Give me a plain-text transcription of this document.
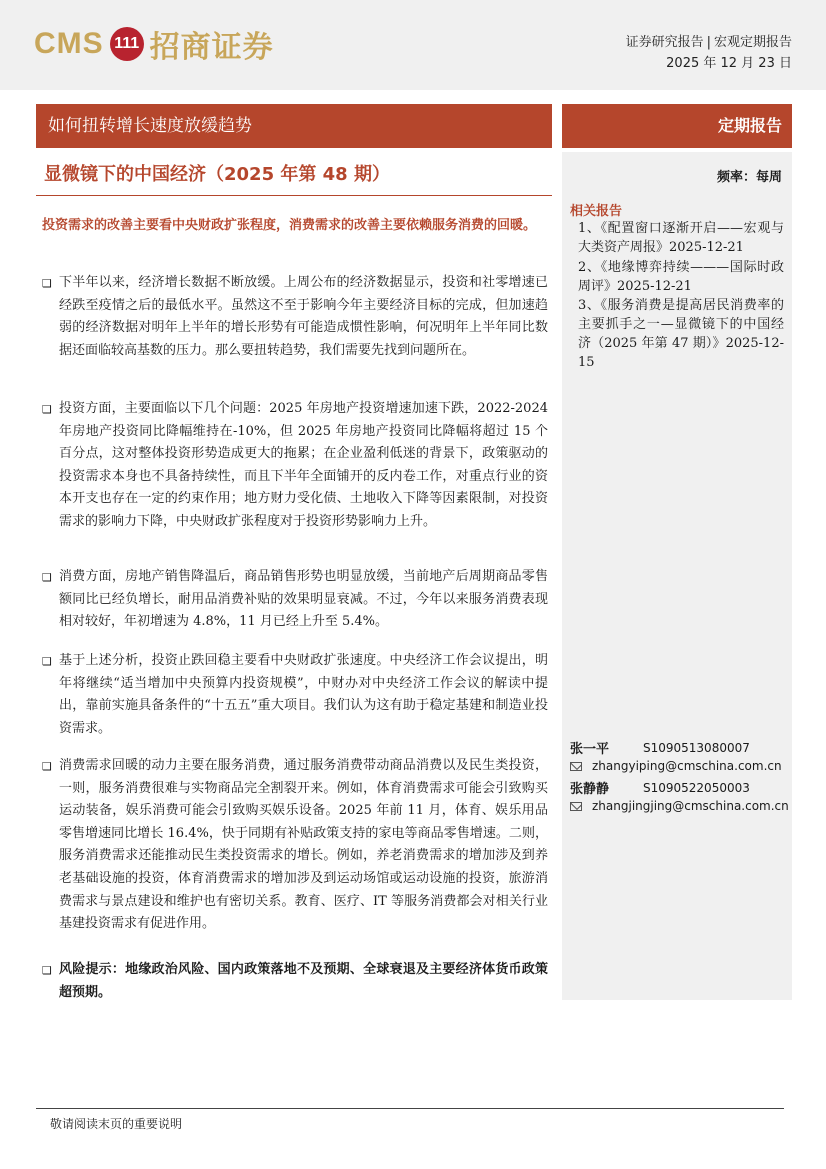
CMS 111 招商证券	证券研究报告 | 宏观定期报告
2025 年 12 月 23 日
如何扭转增长速度放缓趋势	定期报告
显微镜下的中国经济（2025 年第 48 期）
投资需求的改善主要看中央财政扩张程度，消费需求的改善主要依赖服务消费的回暖。
❑ 下半年以来，经济增长数据不断放缓。上周公布的经济数据显示，投资和社零增速已经跌至疫情之后的最低水平。虽然这不至于影响今年主要经济目标的完成，但加速趋弱的经济数据对明年上半年的增长形势有可能造成惯性影响，何况明年上半年同比数据还面临较高基数的压力。那么要扭转趋势，我们需要先找到问题所在。
❑ 投资方面，主要面临以下几个问题：2025 年房地产投资增速加速下跌，2022-2024 年房地产投资同比降幅维持在-10%，但 2025 年房地产投资同比降幅将超过 15 个百分点，这对整体投资形势造成更大的拖累；在企业盈利低迷的背景下，政策驱动的投资需求本身也不具备持续性，而且下半年全面铺开的反内卷工作，对重点行业的资本开支也存在一定的约束作用；地方财力受化债、土地收入下降等因素限制，对投资需求的影响力下降，中央财政扩张程度对于投资形势影响力上升。
❑ 消费方面，房地产销售降温后，商品销售形势也明显放缓，当前地产后周期商品零售额同比已经负增长，耐用品消费补贴的效果明显衰减。不过，今年以来服务消费表现相对较好，年初增速为 4.8%，11 月已经上升至 5.4%。
❑ 基于上述分析，投资止跌回稳主要看中央财政扩张速度。中央经济工作会议提出，明年将继续“适当增加中央预算内投资规模”，中财办对中央经济工作会议的解读中提出，靠前实施具备条件的“十五五”重大项目。我们认为这有助于稳定基建和制造业投资需求。
❑ 消费需求回暖的动力主要在服务消费，通过服务消费带动商品消费以及民生类投资，一则，服务消费很难与实物商品完全割裂开来。例如，体育消费需求可能会引致购买运动装备，娱乐消费可能会引致购买娱乐设备。2025 年前 11 月，体育、娱乐用品零售增速同比增长 16.4%，快于同期有补贴政策支持的家电等商品零售增速。二则，服务消费需求还能推动民生类投资需求的增长。例如，养老消费需求的增加涉及到养老基础设施的投资，体育消费需求的增加涉及到运动场馆或运动设施的投资，旅游消费需求与景点建设和维护也有密切关系。教育、医疗、IT 等服务消费都会对相关行业基建投资需求有促进作用。
❑ 风险提示：地缘政治风险、国内政策落地不及预期、全球衰退及主要经济体货币政策超预期。
频率：每周
相关报告
1、《配置窗口逐渐开启——宏观与大类资产周报》2025-12-21
2、《地缘博弈持续———国际时政周评》2025-12-21
3、《服务消费是提高居民消费率的主要抓手之一—显微镜下的中国经济（2025 年第 47 期）》2025-12-15
张一平	S1090513080007
zhangyiping@cmschina.com.cn
张静静	S1090522050003
zhangjingjing@cmschina.com.cn
敬请阅读末页的重要说明
